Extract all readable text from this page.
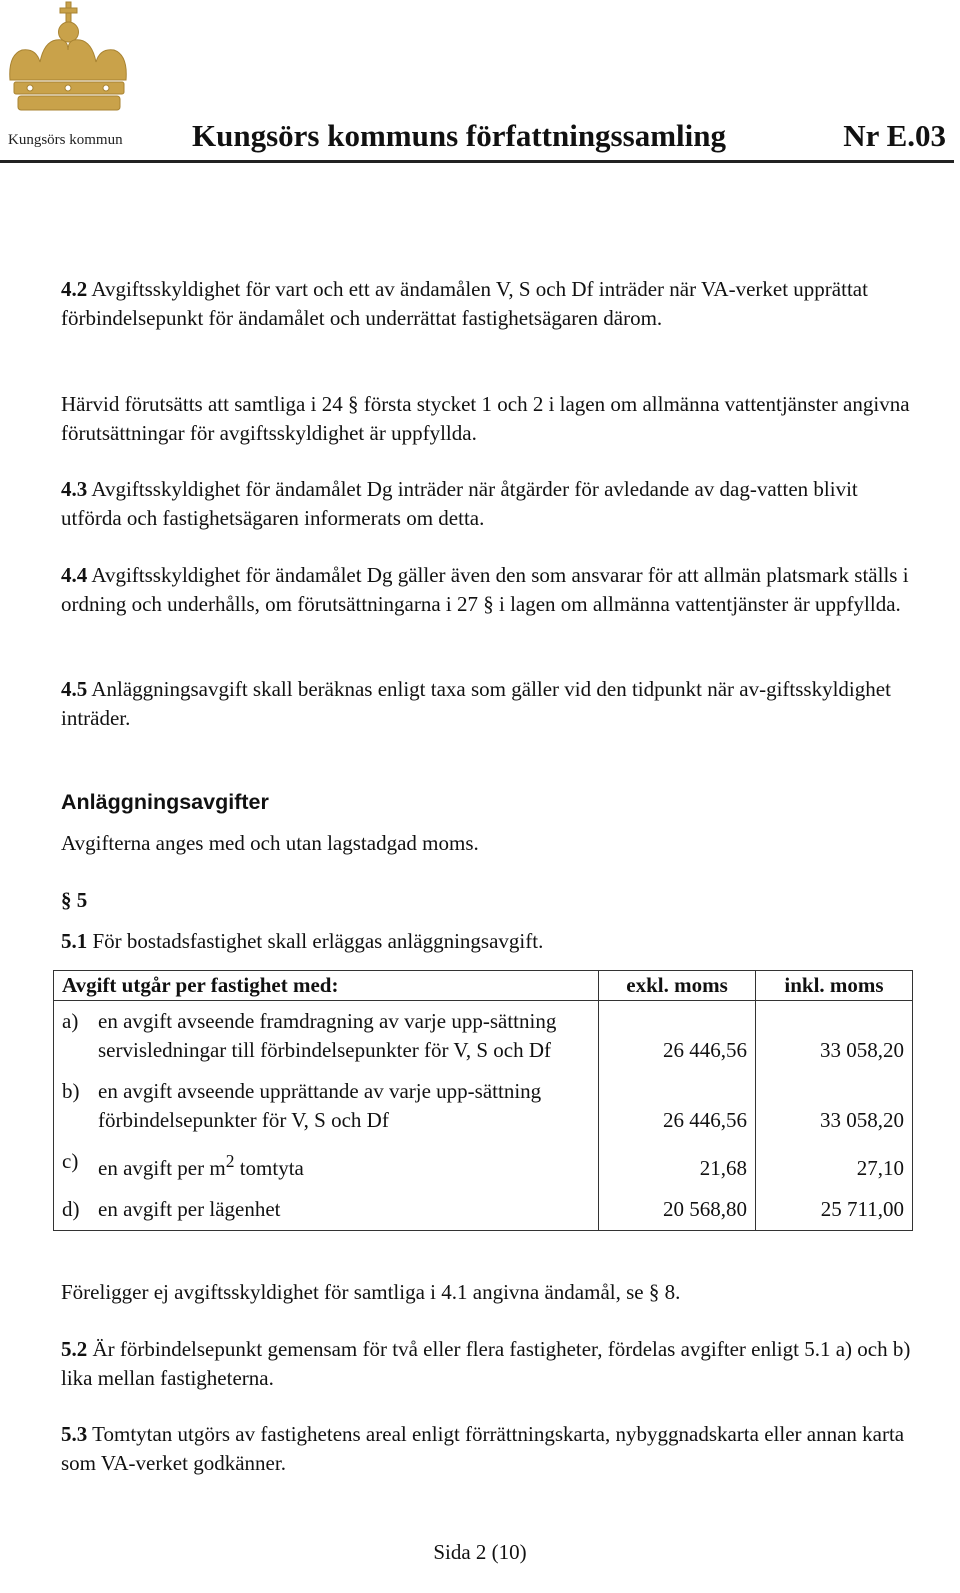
Kungsörs kommun Kungsörs kommuns författningssamling	Nr E.03

4.2 Avgiftsskyldighet för vart och ett av ändamålen V, S och Df inträder när VA-verket upprättat förbindelsepunkt för ändamålet och underrättat fastighetsägaren därom.

Härvid förutsätts att samtliga i 24 § första stycket 1 och 2 i lagen om allmänna vattentjänster angivna förutsättningar för avgiftsskyldighet är uppfyllda.

4.3 Avgiftsskyldighet för ändamålet Dg inträder när åtgärder för avledande av dag-vatten blivit utförda och fastighetsägaren informerats om detta.

4.4 Avgiftsskyldighet för ändamålet Dg gäller även den som ansvarar för att allmän platsmark ställs i ordning och underhålls, om förutsättningarna i 27 § i lagen om allmänna vattentjänster är uppfyllda.

4.5 Anläggningsavgift skall beräknas enligt taxa som gäller vid den tidpunkt när av-giftsskyldighet inträder.

Anläggningsavgifter

Avgifterna anges med och utan lagstadgad moms.

§ 5

5.1 För bostadsfastighet skall erläggas anläggningsavgift.

Avgift utgår per fastighet med:		exkl. moms	inkl. moms
a)	en avgift avseende framdragning av varje upp-sättning servisledningar till förbindelsepunkter för V, S och Df	26 446,56	33 058,20
b)	en avgift avseende upprättande av varje upp-sättning förbindelsepunkter för V, S och Df	26 446,56	33 058,20
c)	en avgift per $m^2$ tomtyta	21,68	27,10
d)	en avgift per lägenhet	20 568,80	25 711,00

Föreligger ej avgiftsskyldighet för samtliga i 4.1 angivna ändamål, se § 8.

5.2 Är förbindelsepunkt gemensam för två eller flera fastigheter, fördelas avgifter enligt 5.1 a) och b) lika mellan fastigheterna.

5.3 Tomtytan utgörs av fastighetens areal enligt förrättningskarta, nybyggnadskarta eller annan karta som VA-verket godkänner.

Sida 2 (10)
